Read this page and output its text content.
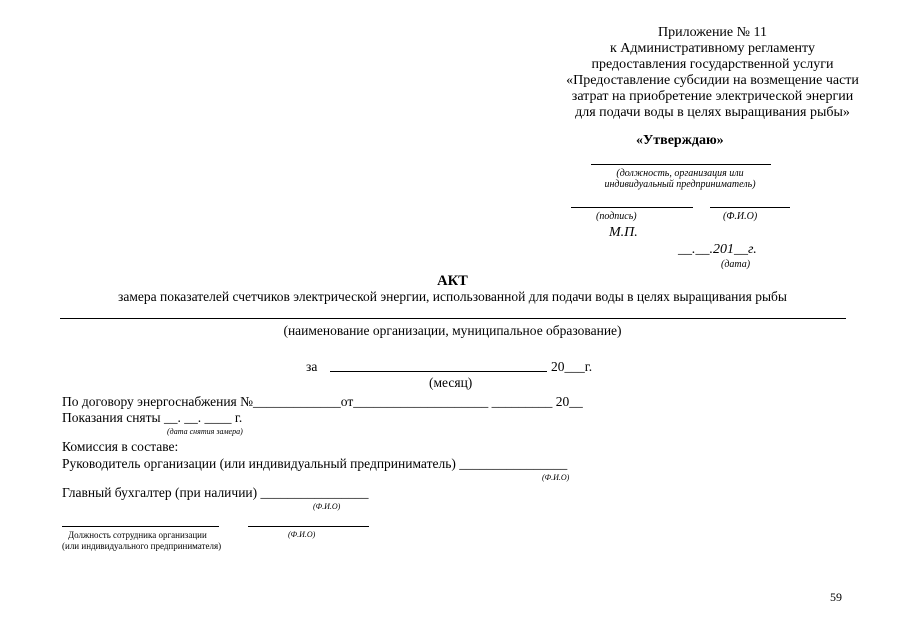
Приложение № 11
к Административному регламенту
предоставления государственной услуги
«Предоставление субсидии на возмещение части
затрат на приобретение электрической энергии
для подачи воды в целях выращивания рыбы»
«Утверждаю»
(должность, организация или
индивидуальный предприниматель)
(подпись)	(Ф.И.О)
М.П.
__.__.201__г.
(дата)
АКТ
замера показателей счетчиков электрической энергии, использованной для подачи воды в целях выращивания рыбы
(наименование организации, муниципальное образование)
за	20___г.
(месяц)
По договору энергоснабжения №_____________от____________________ _________ 20__
Показания сняты __. __. ____ г.
(дата снятия замера)
Комиссия в составе:
Руководитель организации (или индивидуальный предприниматель) ________________
(Ф.И.О)
Главный бухгалтер (при наличии) ________________
(Ф.И.О)
Должность сотрудника организации
(или индивидуального предпринимателя)
(Ф.И.О)
59
